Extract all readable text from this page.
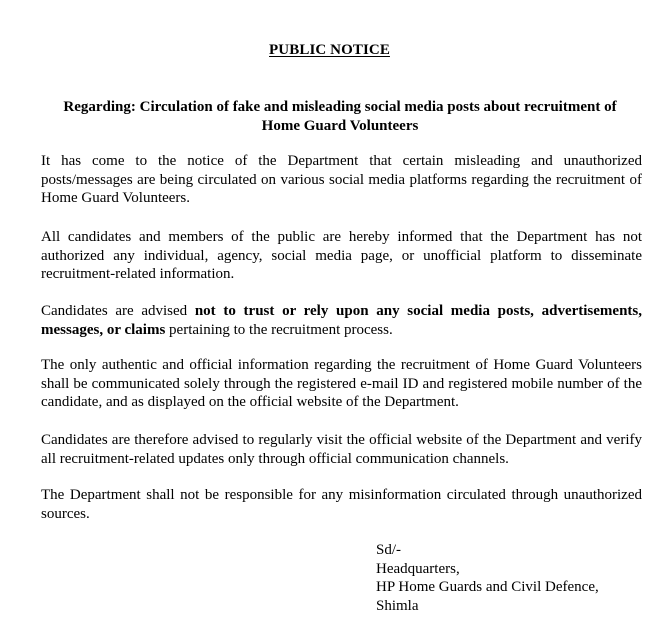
PUBLIC NOTICE
Regarding: Circulation of fake and misleading social media posts about recruitment of
Home Guard Volunteers
It has come to the notice of the Department that certain misleading and unauthorized posts/messages are being circulated on various social media platforms regarding the recruitment of Home Guard Volunteers.
All candidates and members of the public are hereby informed that the Department has not authorized any individual, agency, social media page, or unofficial platform to disseminate recruitment-related information.
Candidates are advised not to trust or rely upon any social media posts, advertisements, messages, or claims pertaining to the recruitment process.
The only authentic and official information regarding the recruitment of Home Guard Volunteers shall be communicated solely through the registered e-mail ID and registered mobile number of the candidate, and as displayed on the official website of the Department.
Candidates are therefore advised to regularly visit the official website of the Department and verify all recruitment-related updates only through official communication channels.
The Department shall not be responsible for any misinformation circulated through unauthorized sources.
Sd/-
Headquarters,
HP Home Guards and Civil Defence,
Shimla
